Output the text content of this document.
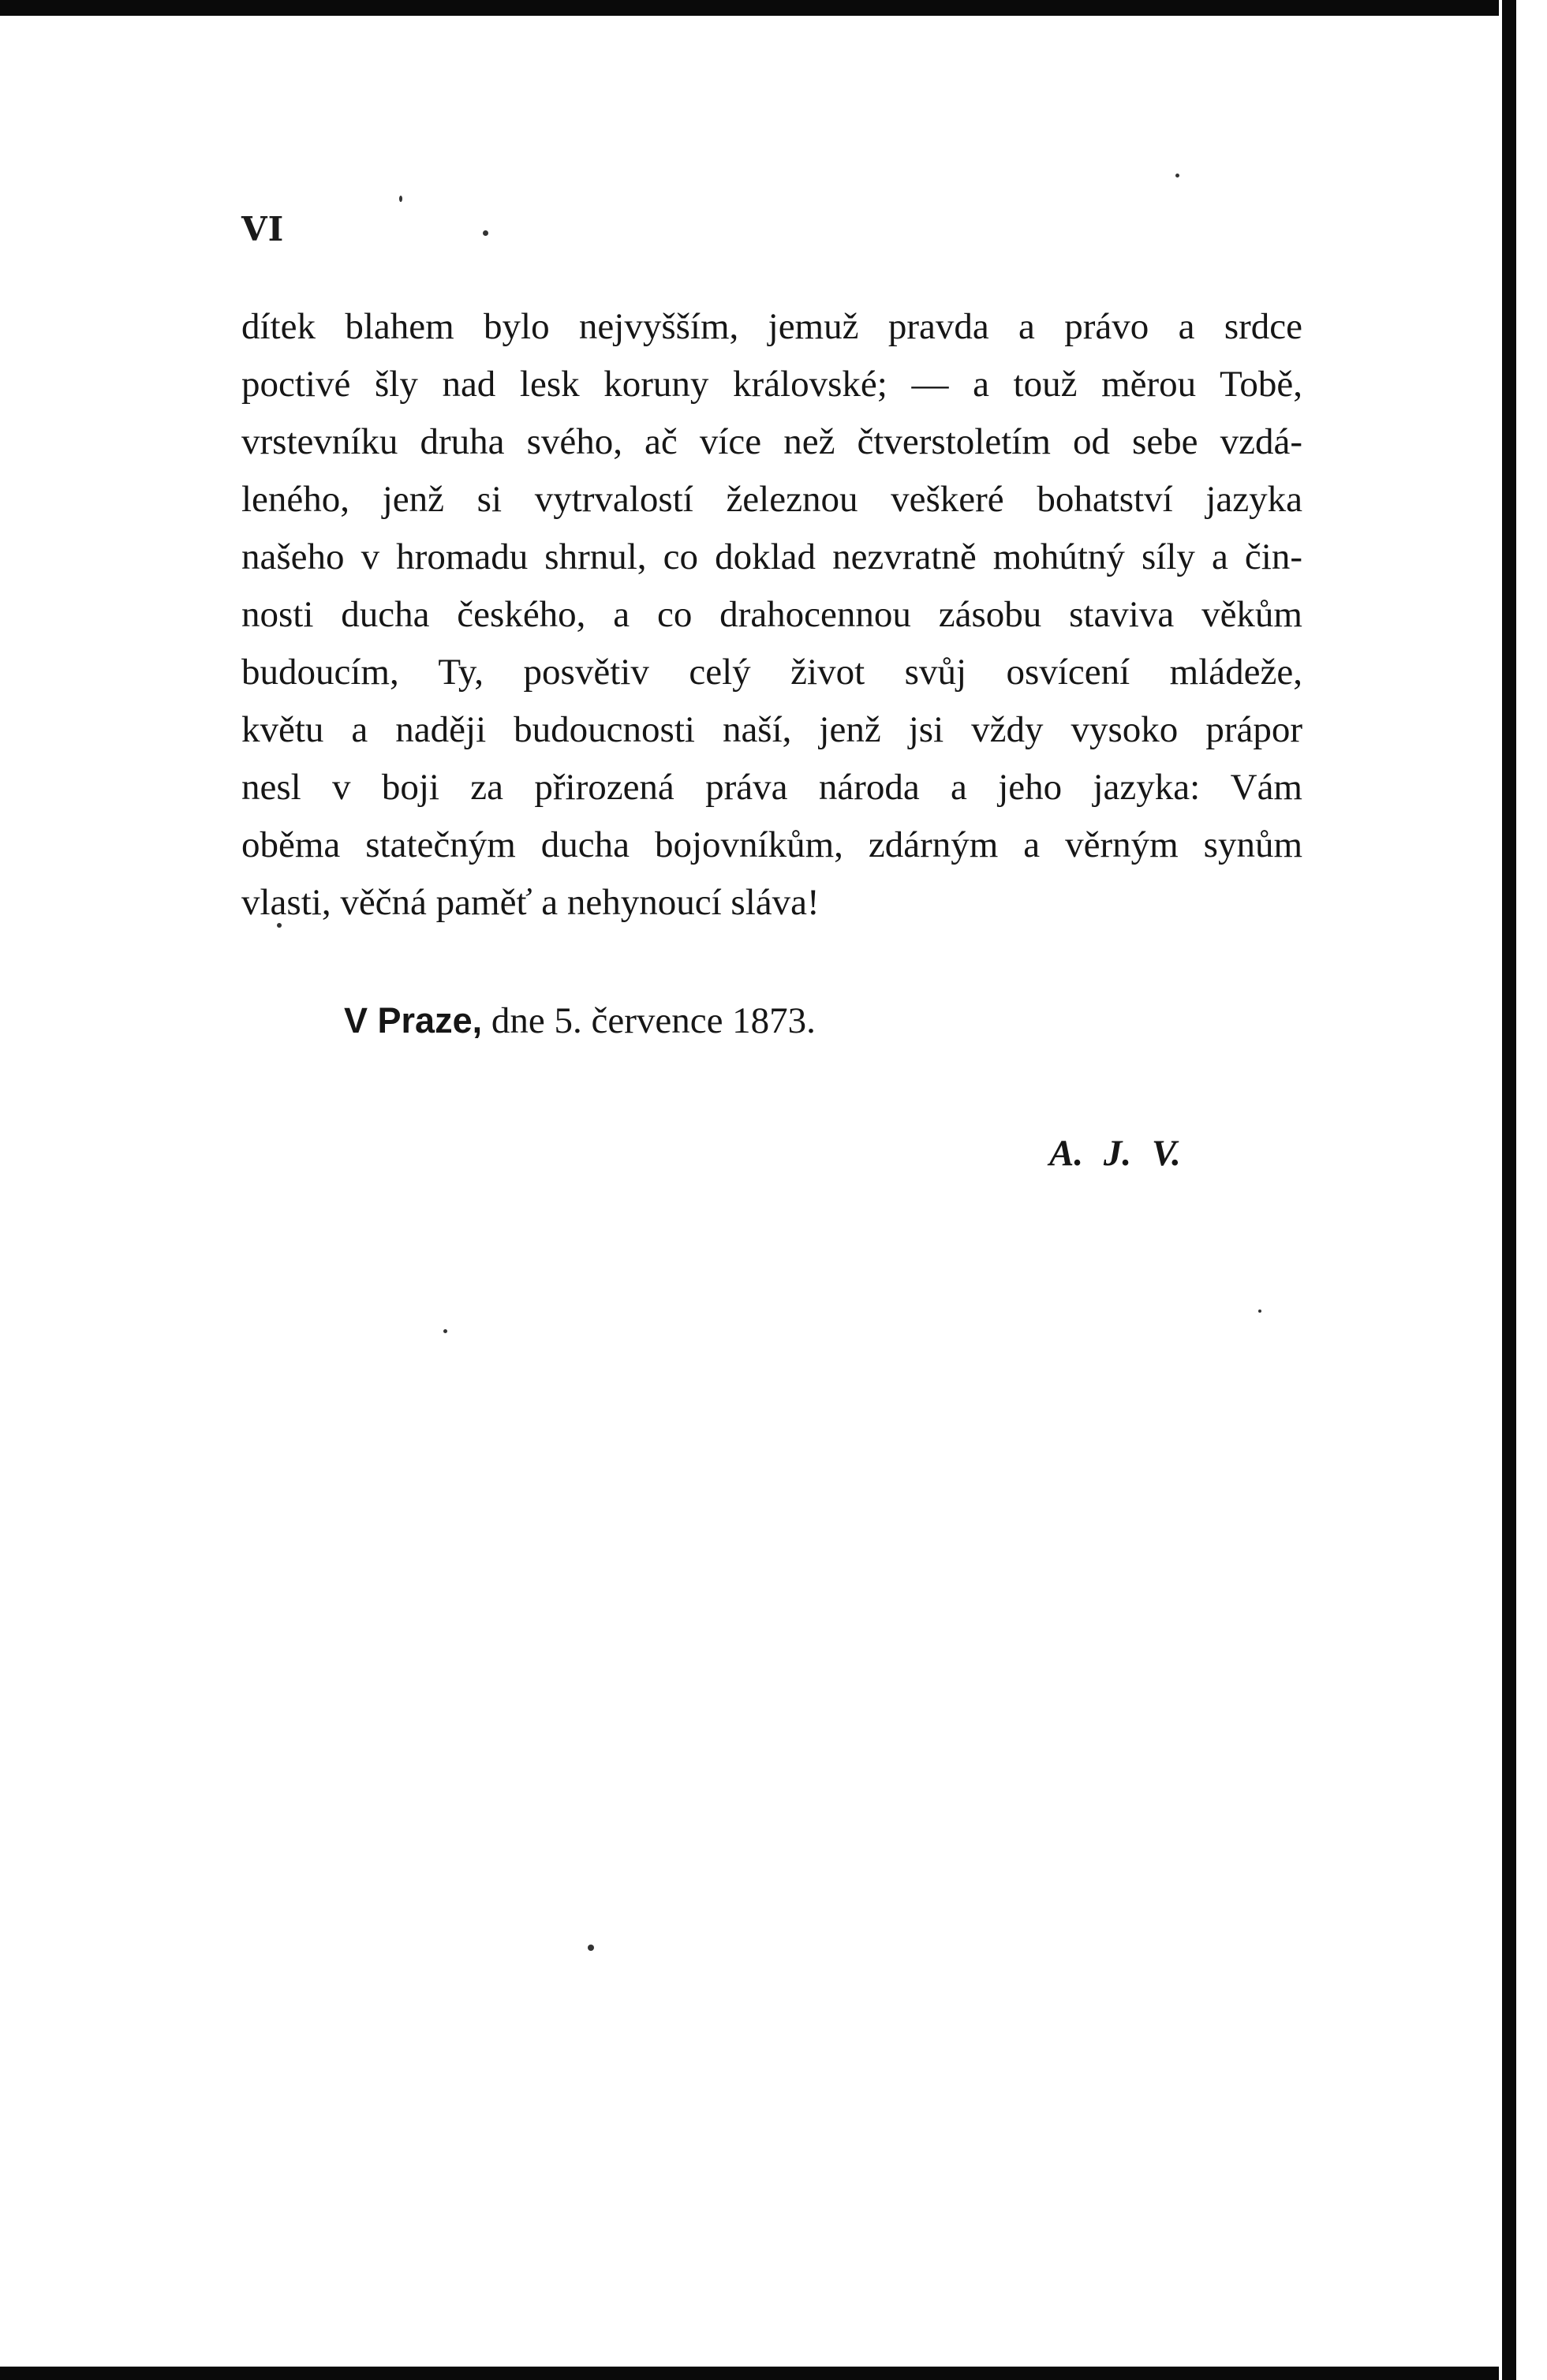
VI
dítek blahem bylo nejvyšším, jemuž pravda a právo a srdce
poctivé šly nad lesk koruny královské; — a touž měrou Tobě,
vrstevníku druha svého, ač více než čtverstoletím od sebe vzdá-
leného, jenž si vytrvalostí železnou veškeré bohatství jazyka
našeho v hromadu shrnul, co doklad nezvratně mohútný síly a čin-
nosti ducha českého, a co drahocennou zásobu staviva věkům
budoucím, Ty, posvětiv celý život svůj osvícení mládeže,
květu a naději budoucnosti naší, jenž jsi vždy vysoko prápor
nesl v boji za přirozená práva národa a jeho jazyka: Vám
oběma statečným ducha bojovníkům, zdárným a věrným synům
vlasti, věčná paměť a nehynoucí sláva!
V Praze, dne 5. července 1873.
A. J. V.
